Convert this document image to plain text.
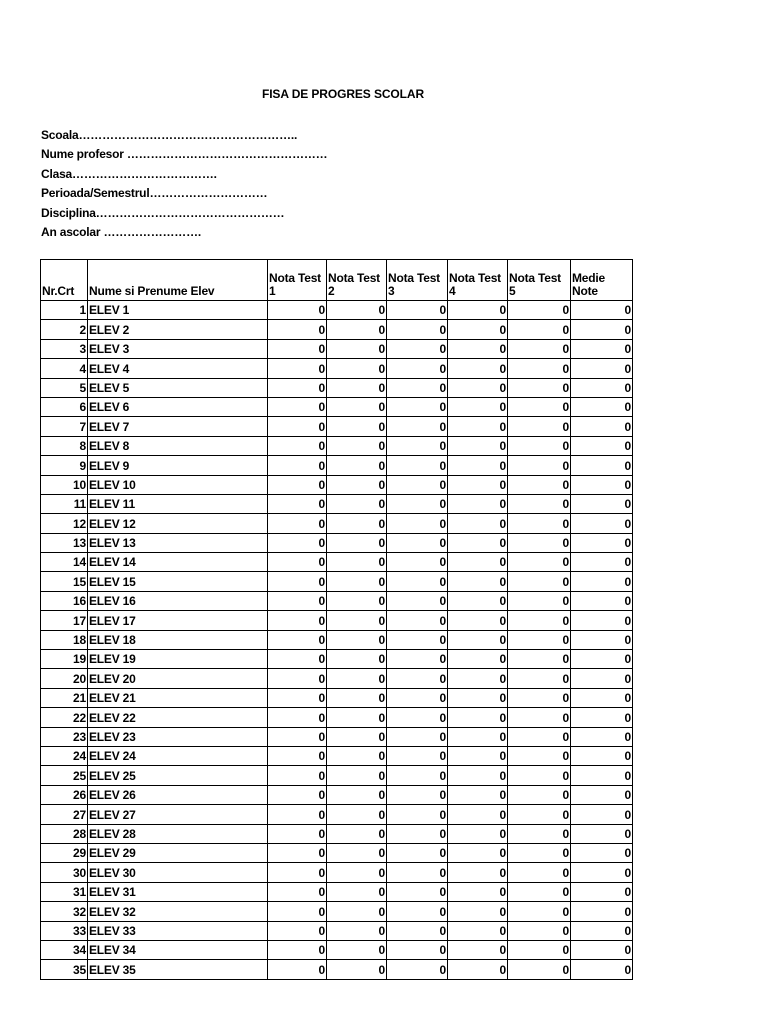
FISA DE PROGRES SCOLAR
Scoala………………………………………………..
Nume profesor ……………………………………………
Clasa……………………………….
Perioada/Semestrul…………………………
Disciplina…………………………………………
An ascolar …………………….
Nr.Crt	Nume si Prenume Elev	Nota Test 1	Nota Test 2	Nota Test 3	Nota Test 4	Nota Test 5	Medie Note
1	ELEV 1	0	0	0	0	0	0
2	ELEV 2	0	0	0	0	0	0
3	ELEV 3	0	0	0	0	0	0
4	ELEV 4	0	0	0	0	0	0
5	ELEV 5	0	0	0	0	0	0
6	ELEV 6	0	0	0	0	0	0
7	ELEV 7	0	0	0	0	0	0
8	ELEV 8	0	0	0	0	0	0
9	ELEV 9	0	0	0	0	0	0
10	ELEV 10	0	0	0	0	0	0
11	ELEV 11	0	0	0	0	0	0
12	ELEV 12	0	0	0	0	0	0
13	ELEV 13	0	0	0	0	0	0
14	ELEV 14	0	0	0	0	0	0
15	ELEV 15	0	0	0	0	0	0
16	ELEV 16	0	0	0	0	0	0
17	ELEV 17	0	0	0	0	0	0
18	ELEV 18	0	0	0	0	0	0
19	ELEV 19	0	0	0	0	0	0
20	ELEV 20	0	0	0	0	0	0
21	ELEV 21	0	0	0	0	0	0
22	ELEV 22	0	0	0	0	0	0
23	ELEV 23	0	0	0	0	0	0
24	ELEV 24	0	0	0	0	0	0
25	ELEV 25	0	0	0	0	0	0
26	ELEV 26	0	0	0	0	0	0
27	ELEV 27	0	0	0	0	0	0
28	ELEV 28	0	0	0	0	0	0
29	ELEV 29	0	0	0	0	0	0
30	ELEV 30	0	0	0	0	0	0
31	ELEV 31	0	0	0	0	0	0
32	ELEV 32	0	0	0	0	0	0
33	ELEV 33	0	0	0	0	0	0
34	ELEV 34	0	0	0	0	0	0
35	ELEV 35	0	0	0	0	0	0
